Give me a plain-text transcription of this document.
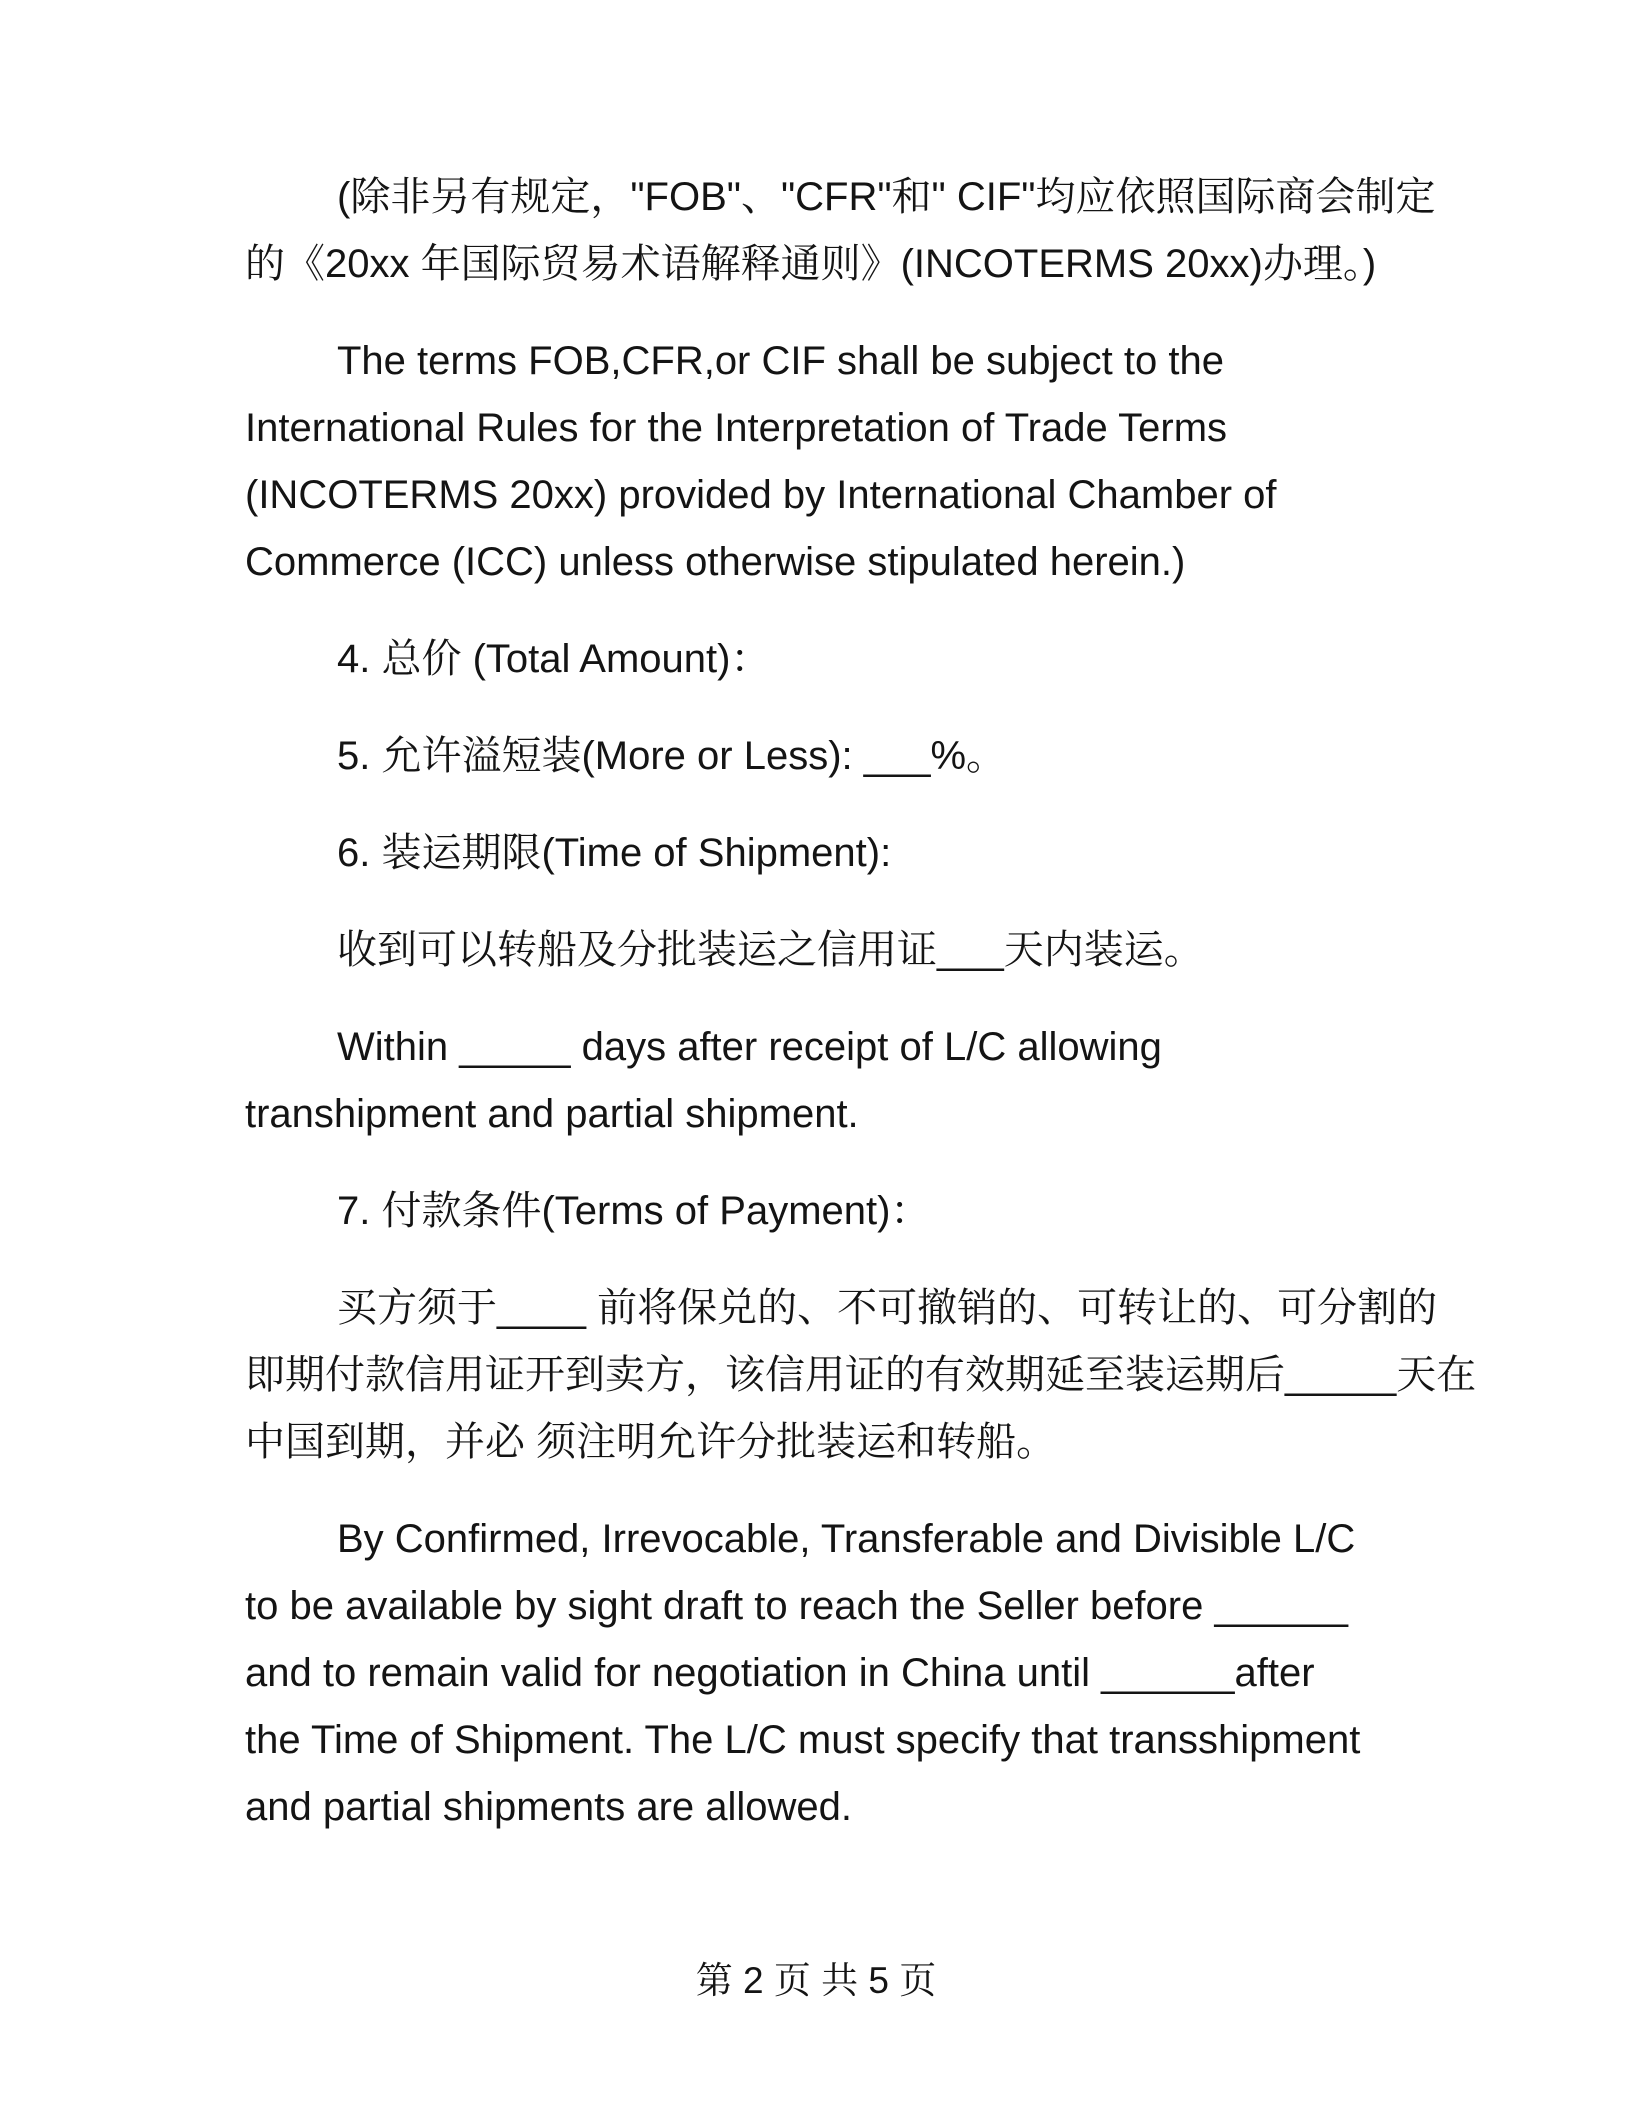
(除非另有规定，"FOB"、"CFR"和" CIF"均应依照国际商会制定
的《20xx 年国际贸易术语解释通则》(INCOTERMS 20xx)办理。)
The terms FOB,CFR,or CIF shall be subject to the
International Rules for the Interpretation of Trade Terms
(INCOTERMS 20xx) provided by International Chamber of
Commerce (ICC) unless otherwise stipulated herein.)
4. 总价 (Total Amount)：
5. 允许溢短装(More or Less): ___%。
6. 装运期限(Time of Shipment):
收到可以转船及分批装运之信用证___天内装运。
Within _____ days after receipt of L/C allowing
transhipment and partial shipment.
7. 付款条件(Terms of Payment)：
买方须于____ 前将保兑的、不可撤销的、可转让的、可分割的
即期付款信用证开到卖方，该信用证的有效期延至装运期后_____天在
中国到期，并必 须注明允许分批装运和转船。
By Confirmed, Irrevocable, Transferable and Divisible L/C
to be available by sight draft to reach the Seller before ______
and to remain valid for negotiation in China until ______after
the Time of Shipment. The L/C must specify that transshipment
and partial shipments are allowed.
第 2 页 共 5 页
